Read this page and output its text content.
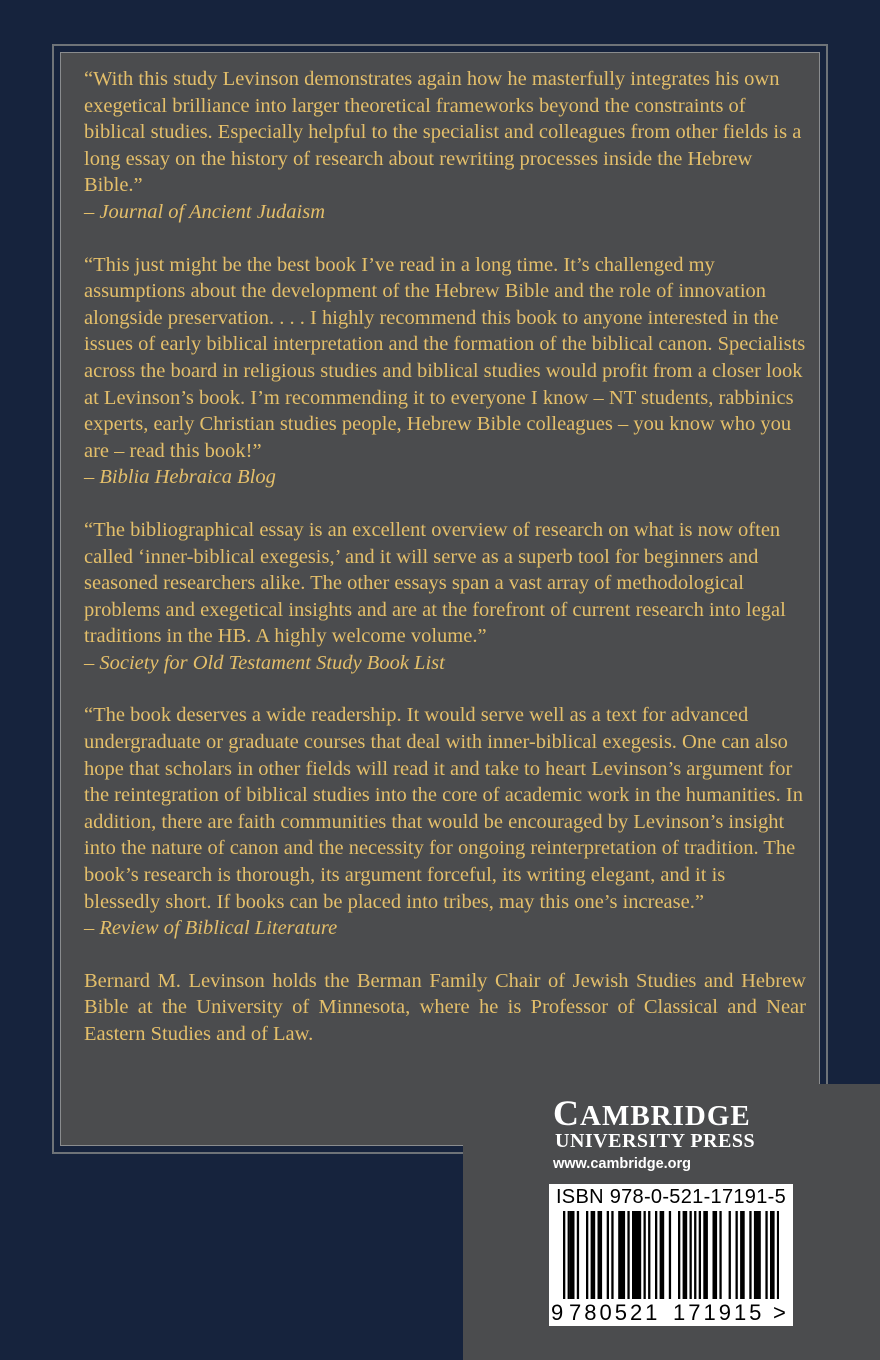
“With this study Levinson demonstrates again how he masterfully integrates his own exegetical brilliance into larger theoretical frameworks beyond the constraints of biblical studies. Especially helpful to the specialist and colleagues from other fields is a long essay on the history of research about rewriting processes inside the Hebrew Bible.”
– Journal of Ancient Judaism
“This just might be the best book I’ve read in a long time. It’s challenged my assumptions about the development of the Hebrew Bible and the role of innovation alongside preservation. . . . I highly recommend this book to anyone interested in the issues of early biblical interpretation and the formation of the biblical canon. Specialists across the board in religious studies and biblical studies would profit from a closer look at Levinson’s book. I’m recommending it to everyone I know – NT students, rabbinics experts, early Christian studies people, Hebrew Bible colleagues – you know who you are – read this book!”
– Biblia Hebraica Blog
“The bibliographical essay is an excellent overview of research on what is now often called ‘inner-biblical exegesis,’ and it will serve as a superb tool for beginners and seasoned researchers alike. The other essays span a vast array of methodological problems and exegetical insights and are at the forefront of current research into legal traditions in the HB. A highly welcome volume.”
– Society for Old Testament Study Book List
“The book deserves a wide readership. It would serve well as a text for advanced undergraduate or graduate courses that deal with inner-biblical exegesis. One can also hope that scholars in other fields will read it and take to heart Levinson’s argument for the reintegration of biblical studies into the core of academic work in the humanities. In addition, there are faith communities that would be encouraged by Levinson’s insight into the nature of canon and the necessity for ongoing reinterpretation of tradition. The book’s research is thorough, its argument forceful, its writing elegant, and it is blessedly short. If books can be placed into tribes, may this one’s increase.”
– Review of Biblical Literature

Bernard M. Levinson holds the Berman Family Chair of Jewish Studies and Hebrew Bible at the University of Minnesota, where he is Professor of Classical and Near Eastern Studies and of Law.

CAMBRIDGE
UNIVERSITY PRESS
www.cambridge.org
ISBN 978-0-521-17191-5
9 780521 171915 >
